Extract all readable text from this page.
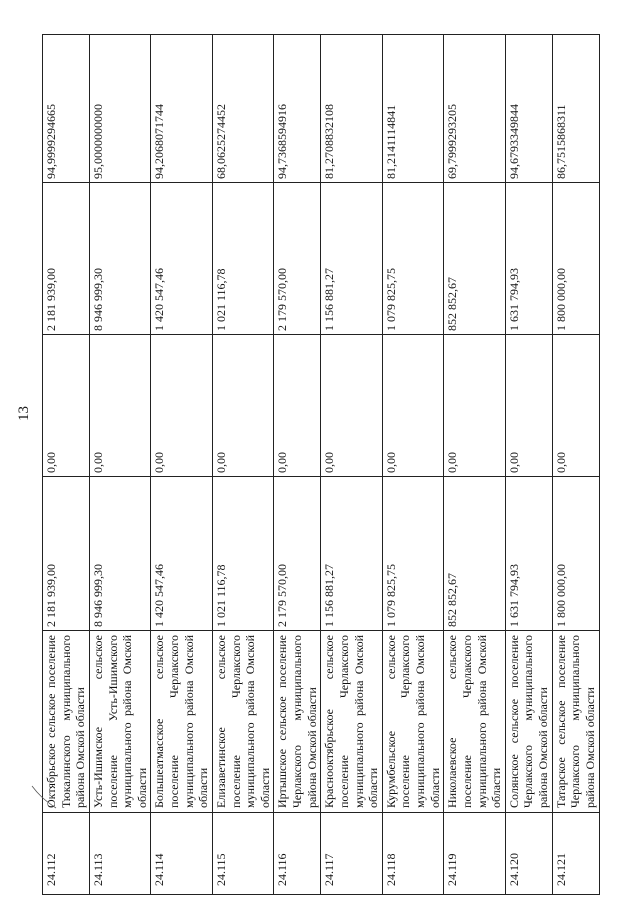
13
24.112	Октябрьское сельское поселение Тюкалинского муниципального района Омской области	2 181 939,00	0,00	2 181 939,00	94,9999294665
24.113	Усть-Ишимское сельское поселение Усть-Ишимского муниципального района Омской области	8 946 999,30	0,00	8 946 999,30	95,0000000000
24.114	Большеатмасское сельское поселение Черлакского муниципального района Омской области	1 420 547,46	0,00	1 420 547,46	94,2068071744
24.115	Елизаветинское сельское поселение Черлакского муниципального района Омской области	1 021 116,78	0,00	1 021 116,78	68,0625274452
24.116	Иртышское сельское поселение Черлакского муниципального района Омской области	2 179 570,00	0,00	2 179 570,00	94,7368594916
24.117	Краснооктябрьское сельское поселение Черлакского муниципального района Омской области	1 156 881,27	0,00	1 156 881,27	81,2708832108
24.118	Курумбельское сельское поселение Черлакского муниципального района Омской области	1 079 825,75	0,00	1 079 825,75	81,2141114841
24.119	Николаевское сельское поселение Черлакского муниципального района Омской области	852 852,67	0,00	852 852,67	69,7999293205
24.120	Солянское сельское поселение Черлакского муниципального района Омской области	1 631 794,93	0,00	1 631 794,93	94,6793349844
24.121	Татарское сельское поселение Черлакского муниципального района Омской области	1 800 000,00	0,00	1 800 000,00	86,7515868311
